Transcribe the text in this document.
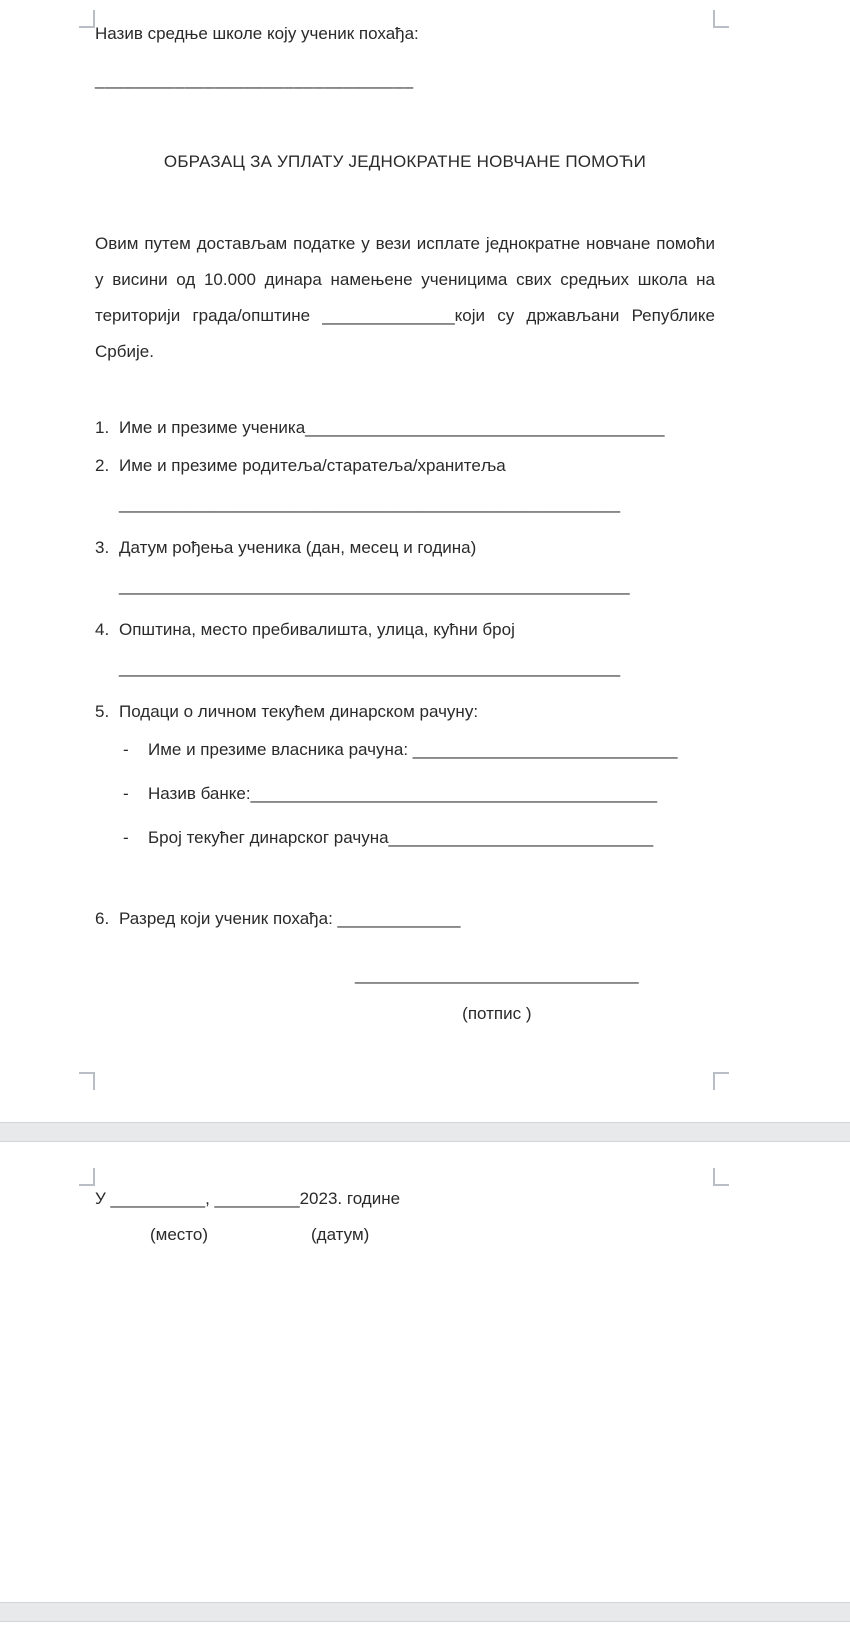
Назив средње школе коју ученик похађа:

________________________________

ОБРАЗАЦ ЗА УПЛАТУ ЈЕДНОКРАТНЕ НОВЧАНЕ ПОМОЋИ

Овим путем достављам податке у вези исплате једнократне новчане помоћи у висини од 10.000 динара намењене ученицима свих средњих школа на територији града/општине ______________који су држављани Републике Србије.

1. Име и презиме ученика______________________________________
2. Име и презиме родитеља/старатеља/хранитеља
_____________________________________________________
3. Датум рођења ученика (дан, месец и година)
______________________________________________________
4. Општина, место пребивалишта, улица, кућни број
_____________________________________________________
5. Подаци о личном текућем динарском рачуну:
-	Име и презиме власника рачуна: ____________________________
-	Назив банке:___________________________________________
-	Број текућег динарског рачуна____________________________
6. Разред који ученик похађа: _____________
______________________________
(потпис )

У __________, _________2023. године

(место)	(датум)
